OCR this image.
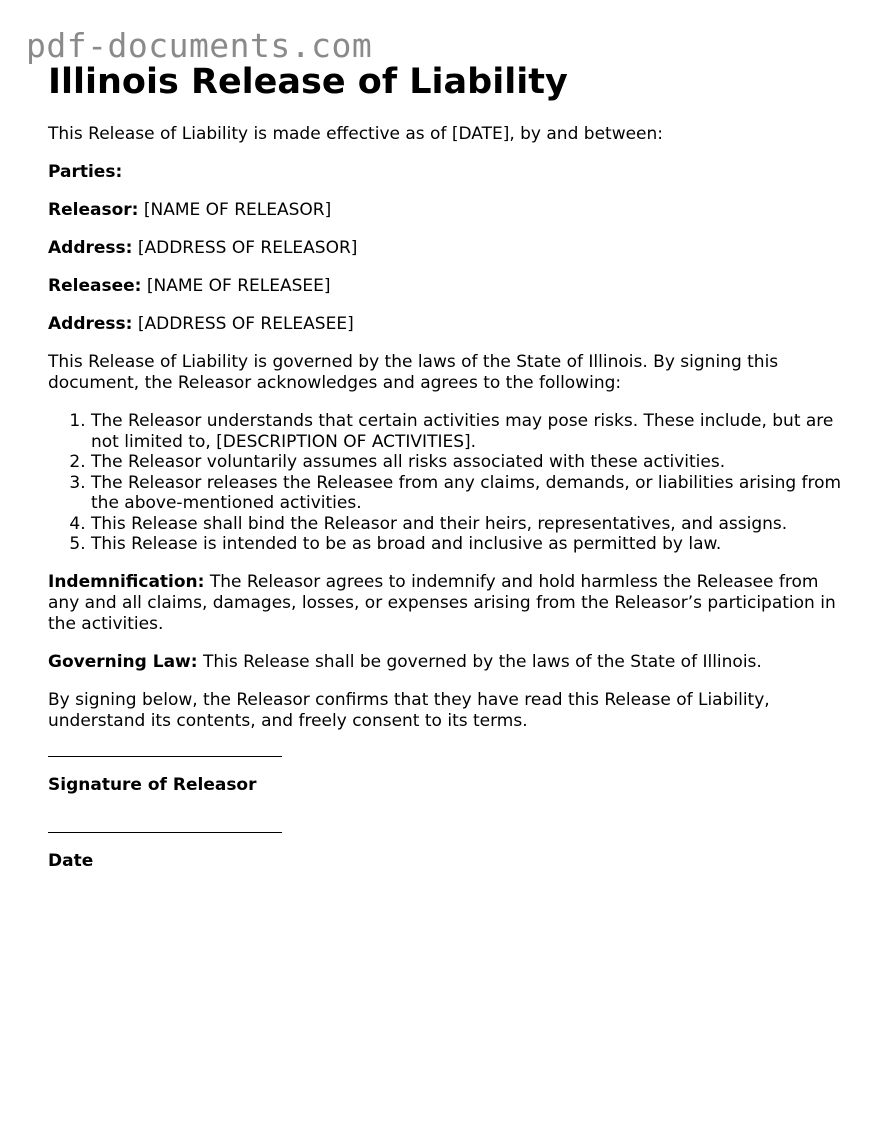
pdf-documents.com
Illinois Release of Liability

This Release of Liability is made effective as of [DATE], by and between:

Parties:

Releasor: [NAME OF RELEASOR]

Address: [ADDRESS OF RELEASOR]

Releasee: [NAME OF RELEASEE]

Address: [ADDRESS OF RELEASEE]

This Release of Liability is governed by the laws of the State of Illinois. By signing this document, the Releasor acknowledges and agrees to the following:

1. The Releasor understands that certain activities may pose risks. These include, but are not limited to, [DESCRIPTION OF ACTIVITIES].
2. The Releasor voluntarily assumes all risks associated with these activities.
3. The Releasor releases the Releasee from any claims, demands, or liabilities arising from the above-mentioned activities.
4. This Release shall bind the Releasor and their heirs, representatives, and assigns.
5. This Release is intended to be as broad and inclusive as permitted by law.

Indemnification: The Releasor agrees to indemnify and hold harmless the Releasee from any and all claims, damages, losses, or expenses arising from the Releasor’s participation in the activities.

Governing Law: This Release shall be governed by the laws of the State of Illinois.

By signing below, the Releasor confirms that they have read this Release of Liability, understand its contents, and freely consent to its terms.

Signature of Releasor
Date
